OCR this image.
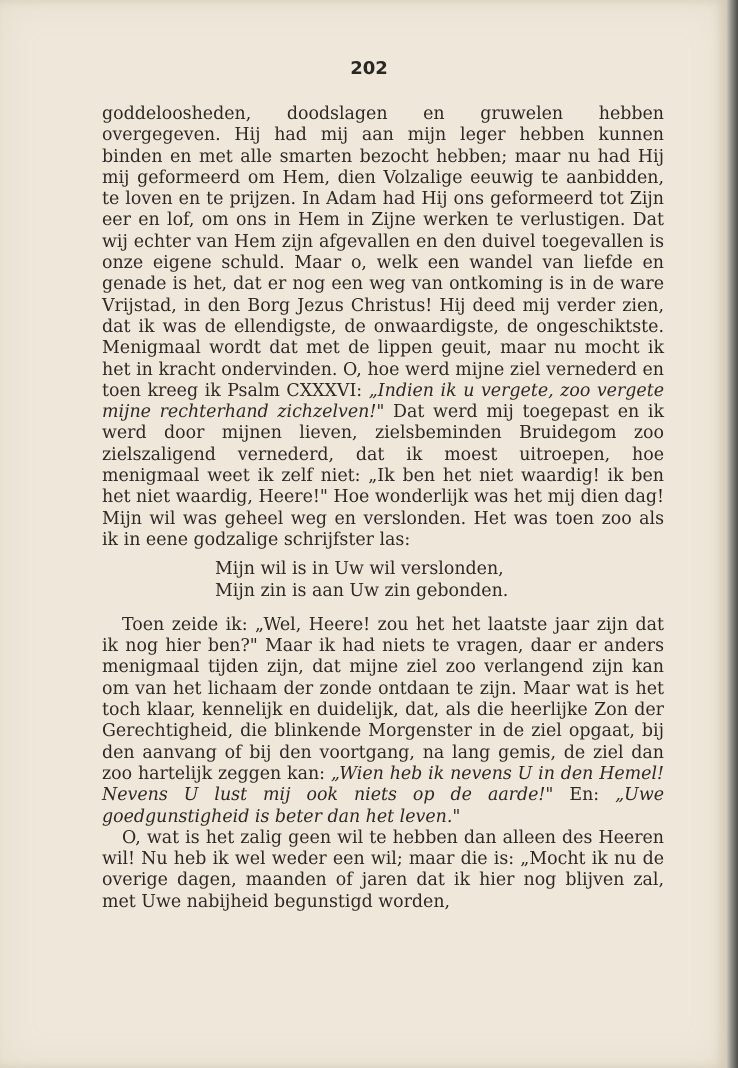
202

goddeloosheden, doodslagen en gruwelen hebben overgegeven. Hij had mij aan mijn leger hebben kunnen binden en met alle smarten bezocht hebben; maar nu had Hij mij geformeerd om Hem, dien Volzalige eeuwig te aanbidden, te loven en te prijzen. In Adam had Hij ons geformeerd tot Zijn eer en lof, om ons in Hem in Zijne werken te verlustigen. Dat wij echter van Hem zijn afgevallen en den duivel toegevallen is onze eigene schuld. Maar o, welk een wandel van liefde en genade is het, dat er nog een weg van ontkoming is in de ware Vrijstad, in den Borg Jezus Christus! Hij deed mij verder zien, dat ik was de ellendigste, de onwaardigste, de ongeschiktste. Menigmaal wordt dat met de lippen geuit, maar nu mocht ik het in kracht ondervinden. O, hoe werd mijne ziel vernederd en toen kreeg ik Psalm CXXXVI: „Indien ik u vergete, zoo vergete mijne rechterhand zichzelven!" Dat werd mij toegepast en ik werd door mijnen lieven, zielsbeminden Bruidegom zoo zielszaligend vernederd, dat ik moest uitroepen, hoe menigmaal weet ik zelf niet: „Ik ben het niet waardig! ik ben het niet waardig, Heere!" Hoe wonderlijk was het mij dien dag! Mijn wil was geheel weg en verslonden. Het was toen zoo als ik in eene godzalige schrijfster las:

Mijn wil is in Uw wil verslonden,
Mijn zin is aan Uw zin gebonden.

Toen zeide ik: „Wel, Heere! zou het het laatste jaar zijn dat ik nog hier ben?" Maar ik had niets te vragen, daar er anders menigmaal tijden zijn, dat mijne ziel zoo verlangend zijn kan om van het lichaam der zonde ontdaan te zijn. Maar wat is het toch klaar, kennelijk en duidelijk, dat, als die heerlijke Zon der Gerechtigheid, die blinkende Morgenster in de ziel opgaat, bij den aanvang of bij den voortgang, na lang gemis, de ziel dan zoo hartelijk zeggen kan: „Wien heb ik nevens U in den Hemel! Nevens U lust mij ook niets op de aarde!" En: „Uwe goedgunstigheid is beter dan het leven."

O, wat is het zalig geen wil te hebben dan alleen des Heeren wil! Nu heb ik wel weder een wil; maar die is: „Mocht ik nu de overige dagen, maanden of jaren dat ik hier nog blijven zal, met Uwe nabijheid begunstigd worden,
